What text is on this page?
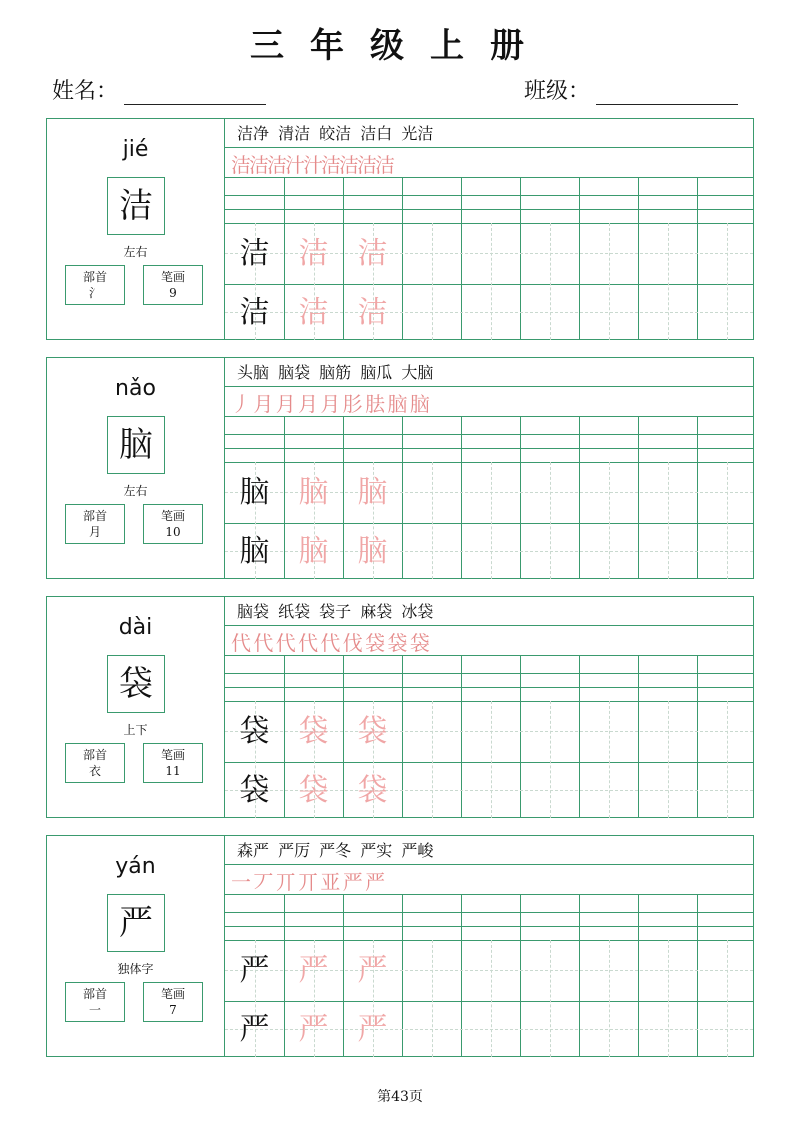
三年级上册
姓名：	班级：
jié
洁
左右
部首
氵
笔画
9
洁净 清洁 皎洁 洁白 光洁
洁洁洁汁汁洁洁洁洁
洁 洁 洁
洁 洁 洁
nǎo
脑
左右
部首
月
笔画
10
头脑 脑袋 脑筋 脑瓜 大脑
丿 月 月 月 月 肜 胠 脑 脑
脑 脑 脑
脑 脑 脑
dài
袋
上下
部首
衣
笔画
11
脑袋 纸袋 袋子 麻袋 冰袋
代 代 代 代 代 伐 袋 袋 袋
袋 袋 袋
袋 袋 袋
yán
严
独体字
部首
一
笔画
7
森严 严厉 严冬 严实 严峻
一 丆 丌 丌 亚 严 严
严 严 严
严 严 严
第43页
